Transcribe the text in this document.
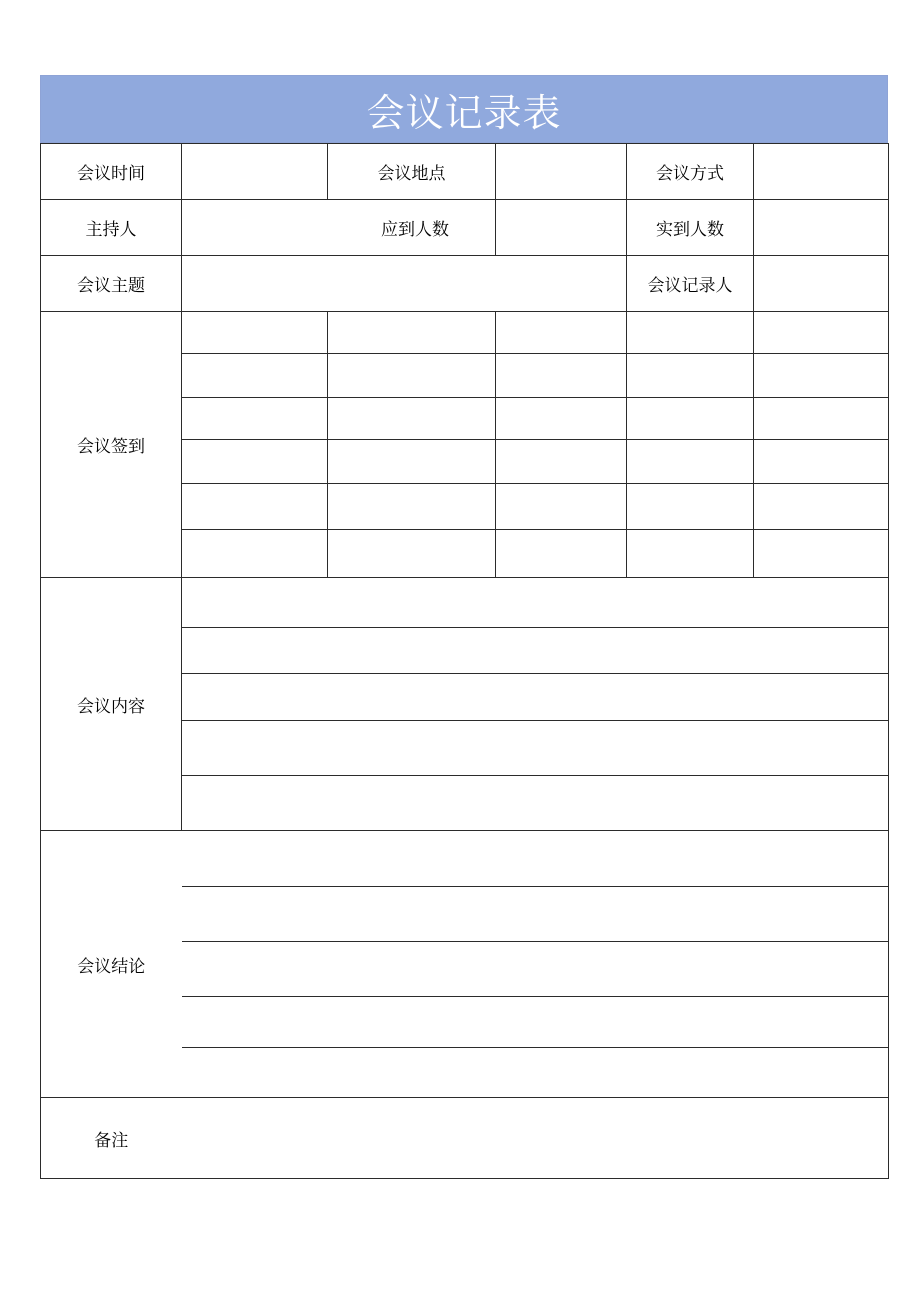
会议记录表
会议时间		会议地点		会议方式	
主持人	应到人数			实到人数	
会议主题				会议记录人	
会议签到					

会议内容					

会议结论					

备注					
